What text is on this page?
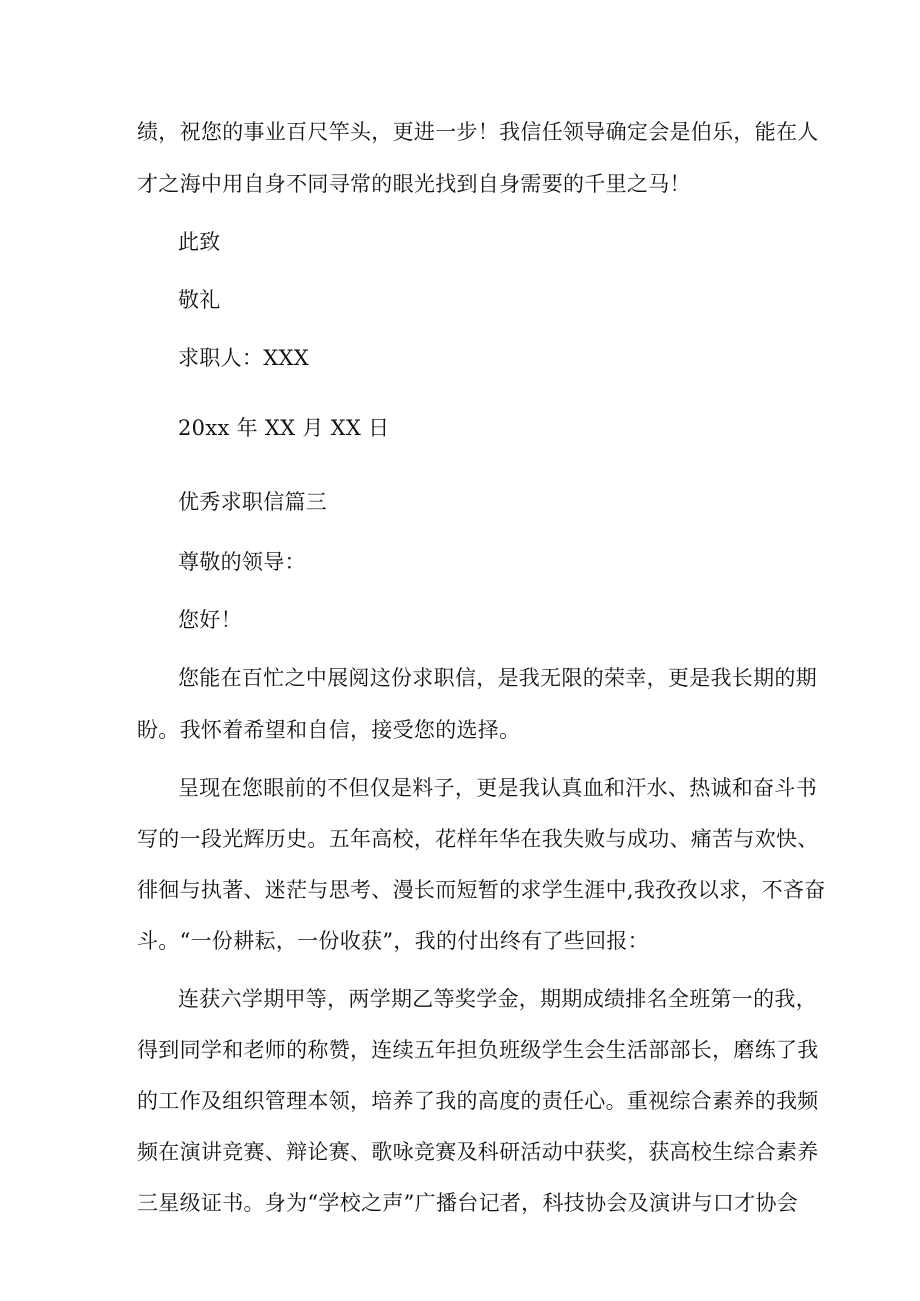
绩，祝您的事业百尺竿头，更进一步！我信任领导确定会是伯乐，能在人

才之海中用自身不同寻常的眼光找到自身需要的千里之马！

此致

敬礼

求职人：XXX

20xx 年 XX 月 XX 日

优秀求职信篇三

尊敬的领导：

您好！

您能在百忙之中展阅这份求职信，是我无限的荣幸，更是我长期的期

盼。我怀着希望和自信，接受您的选择。

呈现在您眼前的不但仅是料子，更是我认真血和汗水、热诚和奋斗书

写的一段光辉历史。五年高校，花样年华在我失败与成功、痛苦与欢快、

徘徊与执著、迷茫与思考、漫长而短暂的求学生涯中,我孜孜以求，不吝奋

斗。“一份耕耘，一份收获”，我的付出终有了些回报：

连获六学期甲等，两学期乙等奖学金，期期成绩排名全班第一的我，

得到同学和老师的称赞，连续五年担负班级学生会生活部部长，磨练了我

的工作及组织管理本领，培养了我的高度的责任心。重视综合素养的我频

频在演讲竞赛、辩论赛、歌咏竞赛及科研活动中获奖，获高校生综合素养

三星级证书。身为“学校之声”广播台记者，科技协会及演讲与口才协会
